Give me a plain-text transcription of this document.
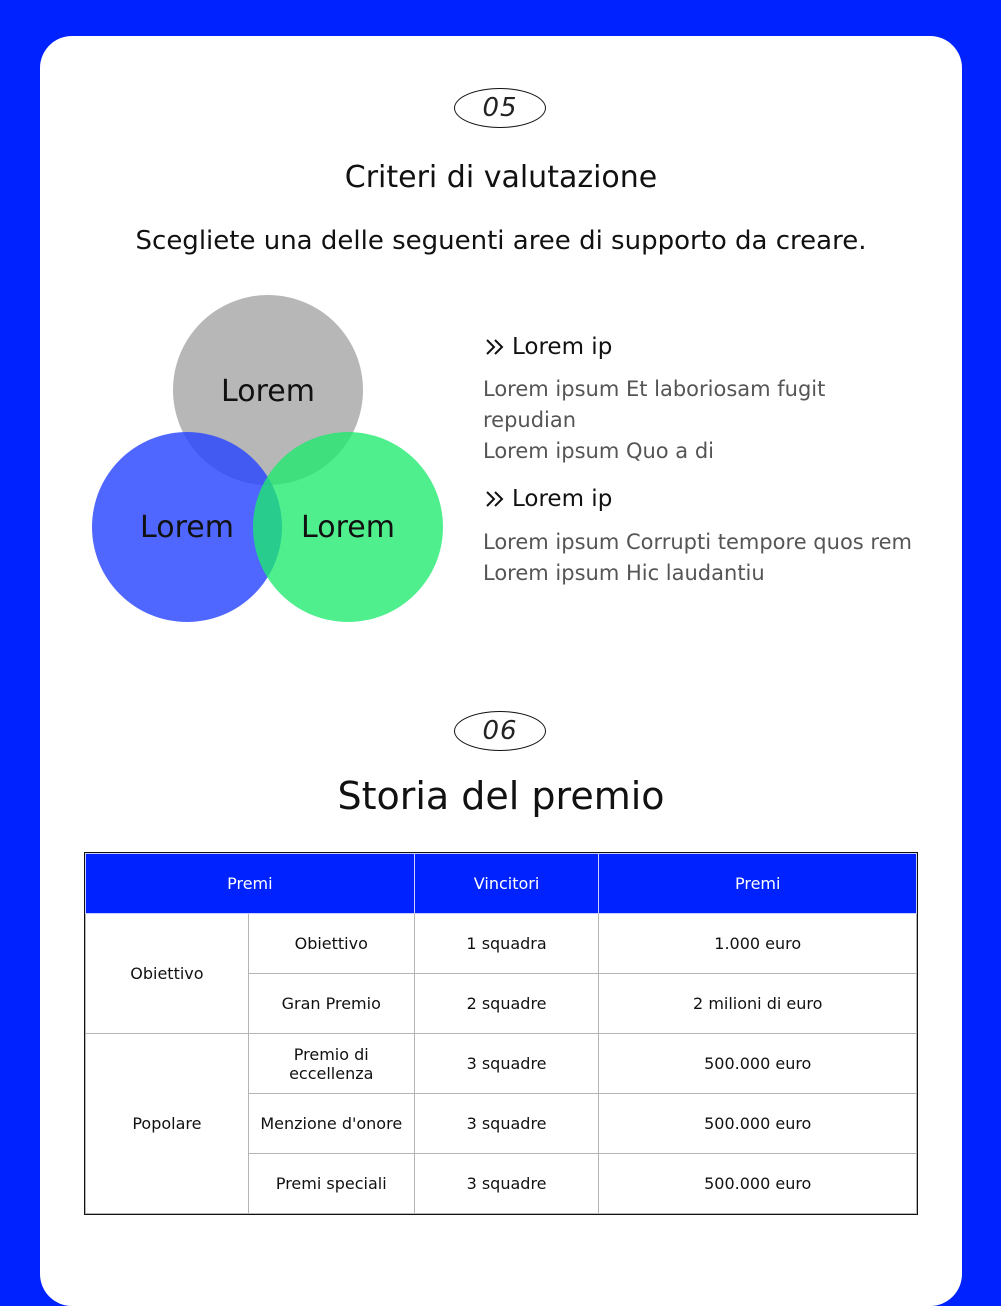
05
Criteri di valutazione
Scegliete una delle seguenti aree di supporto da creare.
Lorem
Lorem	Lorem
Lorem ip
Lorem ipsum Et laboriosam fugit repudian
Lorem ipsum Quo a di
Lorem ip
Lorem ipsum Corrupti tempore quos rem
Lorem ipsum Hic laudantiu
06
Storia del premio
Premi		Vincitori	Premi
Obiettivo	Obiettivo	1 squadra	1.000 euro
	Gran Premio	2 squadre	2 milioni di euro
Popolare	Premio di eccellenza	3 squadre	500.000 euro
	Menzione d'onore	3 squadre	500.000 euro
	Premi speciali	3 squadre	500.000 euro
